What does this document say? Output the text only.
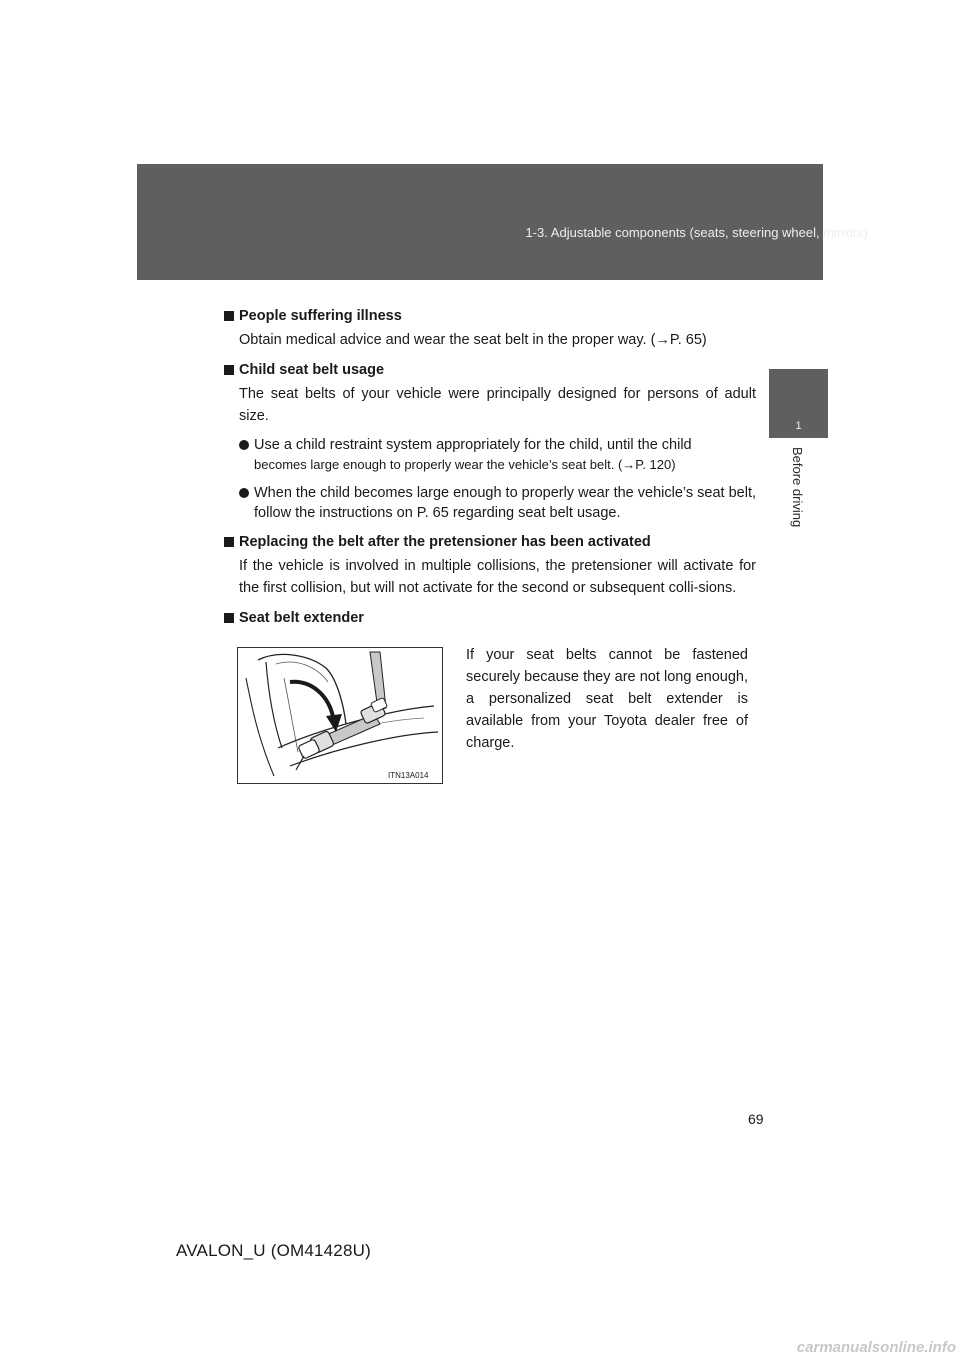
1-3. Adjustable components (seats, steering wheel, mirrors)
1
Before driving
People suffering illness

Obtain medical advice and wear the seat belt in the proper way. (→P. 65)

Child seat belt usage

The seat belts of your vehicle were principally designed for persons of adult size.

Use a child restraint system appropriately for the child, until the child
becomes large enough to properly wear the vehicle’s seat belt. (→P. 120)
When the child becomes large enough to properly wear the vehicle’s seat belt, follow the instructions on P. 65 regarding seat belt usage.
Replacing the belt after the pretensioner has been activated

If the vehicle is involved in multiple collisions, the pretensioner will activate for the first collision, but will not activate for the second or subsequent colli-sions.

Seat belt extender
ITN13A014
If your seat belts cannot be fastened securely because they are not long enough, a personalized seat belt extender is available from your Toyota dealer free of charge.
69
AVALON_U (OM41428U)
carmanualsonline.info
